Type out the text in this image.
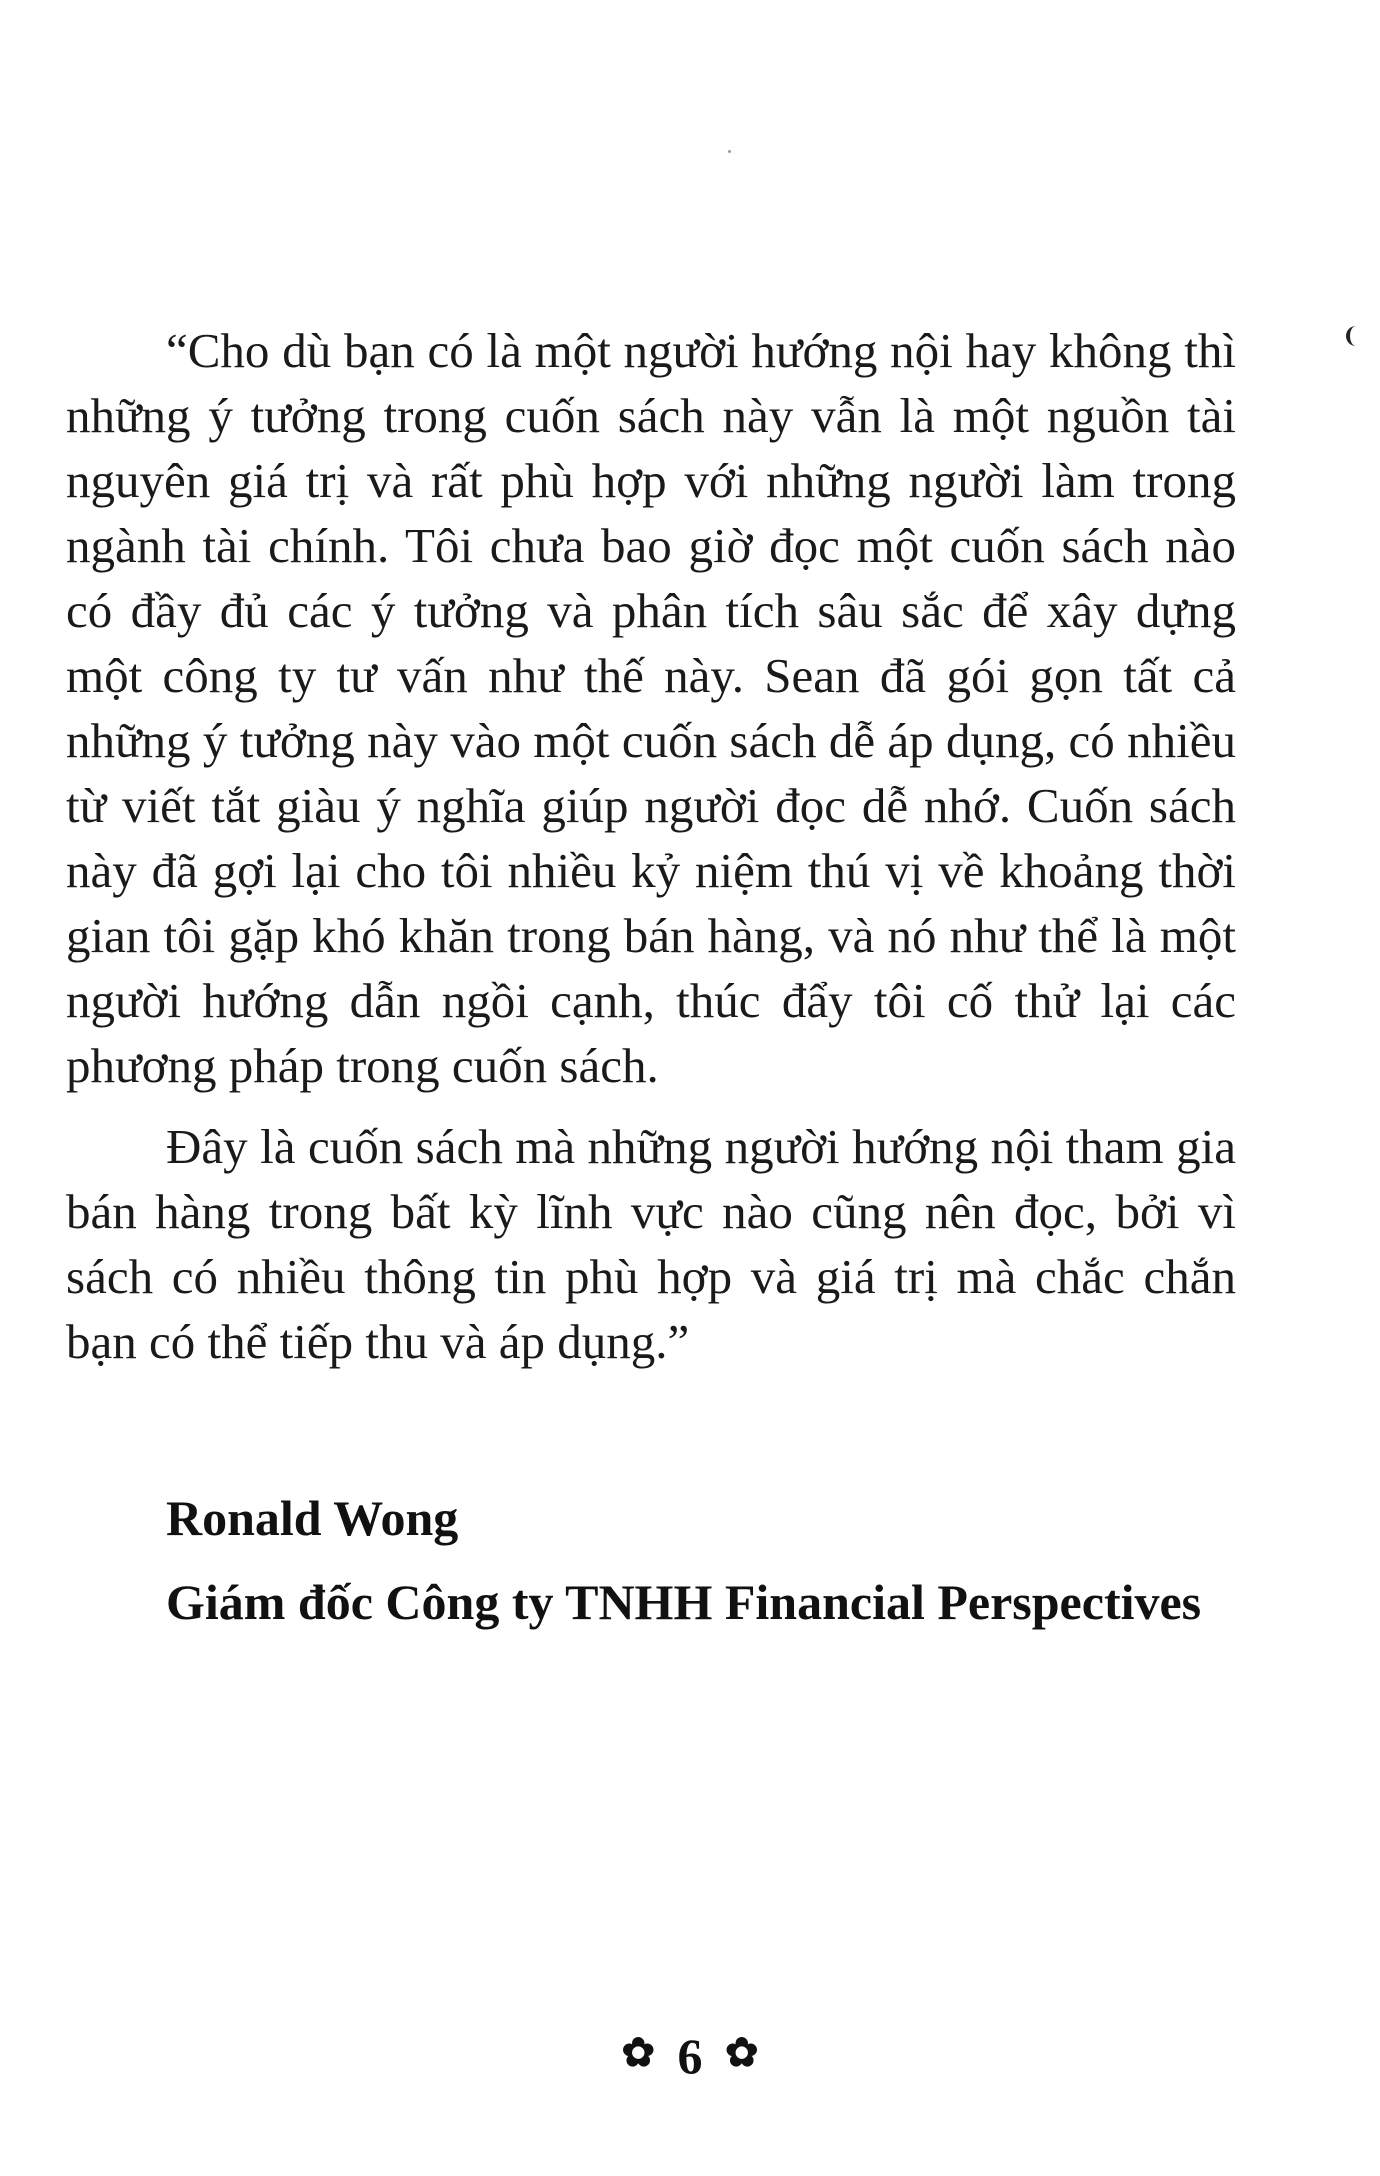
“Cho dù bạn có là một người hướng nội hay không thì những ý tưởng trong cuốn sách này vẫn là một nguồn tài nguyên giá trị và rất phù hợp với những người làm trong ngành tài chính. Tôi chưa bao giờ đọc một cuốn sách nào có đầy đủ các ý tưởng và phân tích sâu sắc để xây dựng một công ty tư vấn như thế này. Sean đã gói gọn tất cả những ý tưởng này vào một cuốn sách dễ áp dụng, có nhiều từ viết tắt giàu ý nghĩa giúp người đọc dễ nhớ. Cuốn sách này đã gợi lại cho tôi nhiều kỷ niệm thú vị về khoảng thời gian tôi gặp khó khăn trong bán hàng, và nó như thể là một người hướng dẫn ngồi cạnh, thúc đẩy tôi cố thử lại các phương pháp trong cuốn sách.

Đây là cuốn sách mà những người hướng nội tham gia bán hàng trong bất kỳ lĩnh vực nào cũng nên đọc, bởi vì sách có nhiều thông tin phù hợp và giá trị mà chắc chắn bạn có thể tiếp thu và áp dụng.”

Ronald Wong
Giám đốc Công ty TNHH Financial Perspectives
✿ 6 ✿
